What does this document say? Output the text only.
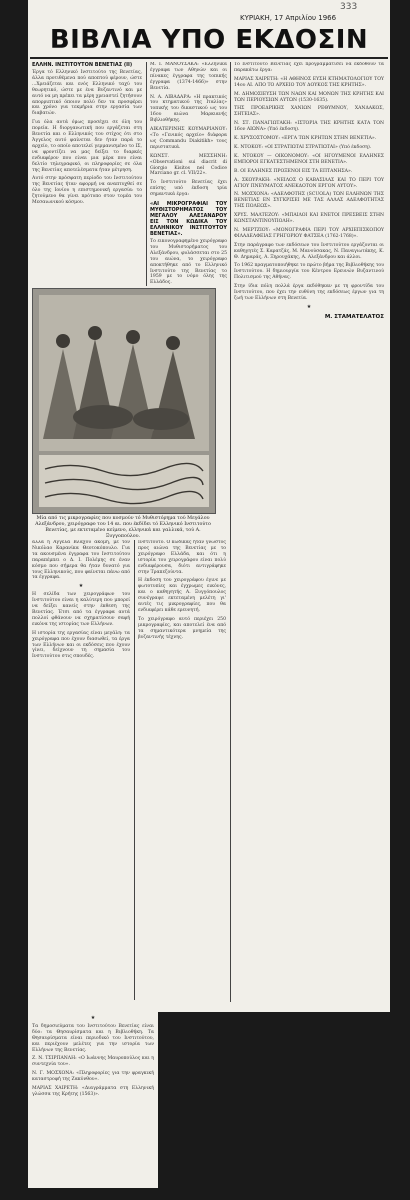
333
ΚΥΡΙΑΚΗ, 17 Απριλίου 1966
ΒΙΒΛΙΑ ΥΠΟ ΕΚΔΟΣΙΝ
ΕΛΛΗΝ. ΙΝΣΤΙΤΟΥΤΟΝ ΒΕΝΕΤΙΑΣ (ΙΙ)

Έργα τό Ελληνικό Ινστιτούτο της Βενετίας, άλλα προτιθέμενα πού αποπτού φέρουν, ώστε ...Χρειάζεται και ενός Ελληνικό ταχύ του θεωρητικό, ώστε με ένα Βυζαντινό και με αυτό να μη πρέπει τα μέρη χρειαστεί ζητήσουν απορριπτικό όποιον πολύ δεν τα προσφέρει και χρόνο για τεκμήρια στην εργασία των διαβατών.

Για όλα αυτά όμως προσέχει σε όλη του πορεία. Η διοργανωτική που εργάζεται στη Βενετία και ο Ελληνικός του στίχος ότι στο Άγγελος αυτό φαίνεται δεν ήταν παρά το αρχείο, το οποίο αποτελεί γερμανισμένο το ΙΣ, να φροντίζει να μας δείξει το διαρκές ενδιαφέρον που είναι μια μέρα που είναι δελτίο τηλεγραφικό, οι πληροφορίες σε όλα της Βενετίας αποτελέσματα ήταν μέτρηση.

Αυτό στην πρόσφατη περίοδο του Ινστιτούτου της Βενετίας ήταν αφορμή να αναπτυχθεί σε όλο της Ιονίου η επιστημονική εργασία: το ζητούμενο θα γίνει πρότυπο στον τομέα του Μεσαιωνικού κόσμου.

Μ. Ι. ΜΑΝΟΥΣΑΚΑ: «Ελληνικά έγγραφα των Αθηνών και οι πίνακες έγγραφα της τοπικής έγγραφα (1374-1466)» στην Βενετία.

Ν. Α. ΛΙΒΑΔΑΡΑ: «Η πρακτικός του κτηματικού της Ιταλίας» τοπικής του δικαστικού ως του 16ου αιώνα Μαρκιανής Βιβλιοθήκης.

ΑΙΚΑΤΕΡΙΝΗΣ ΚΟΥΜΑΡΙΑΝΟΥ: «Το «Γενικός αρχείο» διάφορα ως Commandu Diakitikh» τους περιστατικά.

ΚΩΝΣΤ. ΜΕΣΣΗΝΗ: «Observationi sui diacrit di Giorgio Kisitos nel Codice Marciano gr. cl. VII/22».

Το Ινστιτούτο Βενετίας έχει επίσης υπό έκδοση τρία σημαντικά έργα:

«ΑΙ ΜΙΚΡΟΓΡΑΦΙΑΙ ΤΟΥ ΜΥΘΙΣΤΟΡΗΜΑΤΟΣ ΤΟΥ ΜΕΓΑΛΟΥ ΑΛΕΞΑΝΔΡΟΥ ΕΙΣ ΤΟΝ ΚΩΔΙΚΑ ΤΟΥ ΕΛΛΗΝΙΚΟΥ ΙΝΣΤΙΤΟΥΤΟΥ ΒΕΝΕΤΙΑΣ».

Το εικονογραφημένο χειρόγραφο του Μυθιστορήματος του Αλεξάνδρου, φυλάσσεται στο 25 του αιώνα, το χειρόγραφο αποκτήθηκε από το Ελληνικό Ινστιτούτο της Βενετίας το 1959 με το νόμο όλης της Ελλάδος.

Μία από τις μικρογραφίες που κοσμούν τό Μυθιστόρημα τού Μεγάλου Αλεξάνδρου, χειρόγραφο του 14 αι. που έκδίδει τό Ελληνικό Ινστιτούτο Βενετίας, με εκτεταμένο κείμενο, ελληνικά και γαλλικά, τού Α. Ξυγγοπούλου.

Το Ινστιτούτο Βενετίας έχει προγραμματίσει να εκδοθούν τα παρακάτω έργα:

ΜΑΡΙΑΣ ΧΑΙΡΕΤΗ: «Η ΑΘΗΝΟΣ ΕΥΣΗ ΚΤΗΜΑΤΟΛΟΓΙΟΥ ΤΟΥ 14ου ΑΙ. ΑΠΟ ΤΟ ΑΡΧΕΙΟ ΤΟΥ ΔΟΥΚΟΣ ΤΗΣ ΚΡΗΤΗΣ».

Μ. ΔΗΜΟΣΙΕΥΣΗ ΤΩΝ ΝΑΩΝ ΚΑΙ ΜΟΝΩΝ ΤΗΣ ΚΡΗΤΗΣ ΚΑΙ ΤΩΝ ΠΕΡΙΟΥΣΙΩΝ ΑΥΤΩΝ (1530-1635).

ΤΗΣ ΠΡΟΕΔΡΙΚΗΣ ΧΑΝΙΩΝ ΡΕΘΥΜΝΟΥ, ΧΑΝΔΑΚΟΣ, ΣΗΤΕΙΑΣ».

Ν. ΣΤ. ΠΑΝΑΓΙΩΤΑΚΗ: «ΙΣΤΟΡΙΑ ΤΗΣ ΚΡΗΤΗΣ ΚΑΤΑ ΤΟΝ 16ον ΑΙΩΝΑ» (Υπό έκδοση).

Κ. ΧΡΥΣΟΣΤΟΜΟΥ: «ΕΡΓΑ ΤΩΝ ΚΡΗΤΩΝ ΣΤΗΝ ΒΕΝΕΤΙΑ».

Κ. ΝΤΟΚΟΥ: «ΟΙ ΣΤΡΑΤΙΩΤΑΙ ΣΤΡΑΤΙΩΤΑΙ» (Υπό έκδοση).

Κ. ΝΤΟΚΟΥ — ΟΙΚΟΝΟΜΟΥ: «ΟΙ ΗΓΟΥΜΕΝΟΙ ΕΛΛΗΝΕΣ ΕΜΠΟΡΟΙ ΕΓΚΑΤΕΣΤΗΜΕΝΟΙ ΣΤΗ ΒΕΝΕΤΙΑ».

Β. ΟΙ ΕΛΛΗΝΕΣ ΠΡΟΞΕΝΟΙ ΕΙΣ ΤΑ ΕΠΤΑΝΗΣΑ».

Α. ΣΚΟΥΡΑΚΗ: «ΝΕΙΛΟΣ Ο ΚΑΒΑΣΙΛΑΣ ΚΑΙ ΤΟ ΠΕΡΙ ΤΟΥ ΑΓΙΟΥ ΠΝΕΥΜΑΤΟΣ ΑΝΕΚΔΟΤΟΝ ΕΡΓΟΝ ΑΥΤΟΥ».

Ν. ΜΟΣΧΟΝΑ: «ΑΔΕΛΦΟΤΗΣ (SCUOLA) ΤΩΝ ΕΛΛΗΝΩΝ ΤΗΣ ΒΕΝΕΤΙΑΣ ΕΝ ΣΥΓΚΡΙΣΕΙ ΜΕ ΤΑΣ ΑΛΛΑΣ ΑΔΕΛΦΟΤΗΤΑΣ ΤΗΣ ΠΟΛΕΩΣ».

ΧΡΥΣ. ΜΑΛΤΕΖΟΥ: «ΜΠΑΙΛΟΙ ΚΑΙ ΕΝΕΤΟΙ ΠΡΕΣΒΕΙΣ ΣΤΗΝ ΚΩΝΣΤΑΝΤΙΝΟΥΠΟΛΗ».

Ν. ΜΕΡΤΖΙΟΥ: «ΜΟΝΟΓΡΑΦΙΑ ΠΕΡΙ ΤΟΥ ΑΡΧΙΕΠΙΣΚΟΠΟΥ ΦΙΛΑΔΕΛΦΕΙΑΣ ΓΡΗΓΟΡΙΟΥ ΦΑΤΣΕΑ (1762-1768)».

Στην παράγραφο των εκδόσεων του Ινστιτούτου εργάζονται οι καθηγητές Σ. Καρατζάς, Μ. Μανούσακας, Ν. Παναγιωτάκης, Κ. Θ. Δημαράς, Α. Ξηρουχάκης, Α. Αλεξάνδρου και άλλοι.

Το 1962 πραγματοποιήθηκε το πρώτο βήμα της Βιβλιοθήκης του Ινστιτούτου. Η δημιουργία του Κέντρου Ερευνών Βυζαντινού Πολιτισμού της Αθήνας.

Στην ίδια πόλη πολλά έργα εκδόθηκαν με τη φροντίδα του Ινστιτούτου, που έχει την ευθύνη της εκδόσεως έργων για τη ζωή των Ελλήνων στη Βενετία.

★
Μ. ΣΤΑΜΑΤΕΛΑΤΟΣ

αλλά η Άγγελα Βλάχου ακόμη, με τον Νικόλαο Καρανίκα Θεοτοκόπουλο. Για τα ακουσμένα έγγραφα του Ινστιτούτου παραπέμπει ο Δ. Ι. Πολέμης σε έναν κόσμο που σήμερα θα ήταν δυνατό για τους Ελληνικούς, που φαίνεται πάνω από τα έγγραφα.

★

Η σελίδα των χειρογράφων του Ινστιτούτου είναι η καλύτερη που μπορεί να δείξει κανείς στην έκθεση της Βενετίας. Έτσι από τα έγγραφα αυτά πολλοί φθάνουν να σχηματίσουν σαφή εικόνα της ιστορίας των Ελλήνων.

Η ιστορία της εργασίας είναι μεγάλη: τα χειρόγραφα που έχουν διασωθεί, τα έργα των Ελλήνων και οι εκδόσεις που έχουν γίνει, δείχνουν τη σημασία του Ινστιτούτου στις σπουδές.

Ινστιτούτο. Ο κώδικας ήταν γνωστός προς αιώνα της Βενετίας με το χειρόγραφο Ελλάδα, και ότι η ιστορία του χειρογράφου είναι πολύ ενδιαφέρουσα, διότι αντιγράφηκε στην Τραπεζούντα.

Η έκδοση του χειρογράφου έγινε με φωτοτυπίες και έγχρωμες εικόνες, και ο καθηγητής Α. Ξυγγόπουλος συνέγραψε εκτεταμένη μελέτη γι' αυτές τις μικρογραφίες, που θα ενδιαφέρει κάθε ερευνητή.

Το χειρόγραφο αυτό περιέχει 250 μικρογραφίες, και αποτελεί ένα από τα σημαντικότερα μνημεία της βυζαντινής τέχνης.

★

Τα δημοσιεύματα του Ινστιτούτου Βενετίας είναι δύο: τα Θησαυρίσματα και η Βιβλιοθήκη. Τα Θησαυρίσματα είναι περιοδικό του Ινστιτούτου, και περιέχουν μελέτες για την ιστορία των Ελλήνων της Βενετίας.

Ζ. Ν. ΤΣΙΡΠΑΝΛΗ: «Ο Ιωάννης Μαυροπούλος και η συντεχνία του».

Ν. Γ. ΜΟΣΧΟΝΑ: «Πληροφορίες για την φραγκική καταστροφή της Ζακύνθου».

ΜΑΡΙΑΣ ΧΑΙΡΕΤΗ: «Διαγράμματα στη Ελληνική γλώσσα της Κρήτης (1563)».
